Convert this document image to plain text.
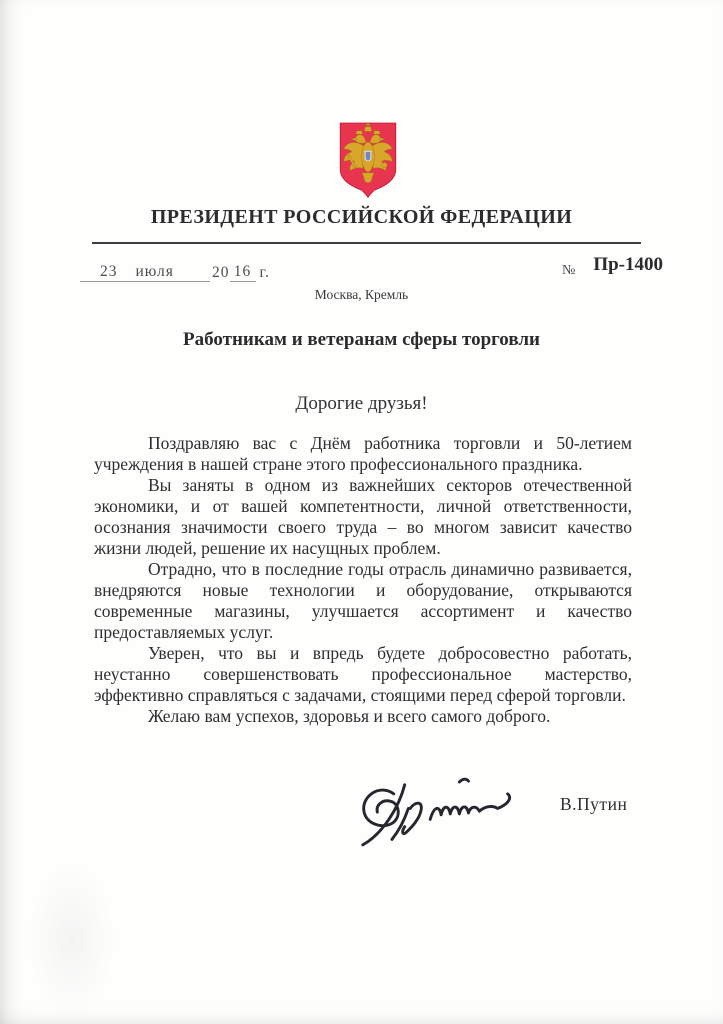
ПРЕЗИДЕНТ РОССИЙСКОЙ ФЕДЕРАЦИИ
23 июля	20 16 г.	№ Пр-1400
Москва, Кремль
Работникам и ветеранам сферы торговли
Дорогие друзья!

Поздравляю вас с Днём работника торговли и 50-летием учреждения в нашей стране этого профессионального праздника.

Вы заняты в одном из важнейших секторов отечественной экономики, и от вашей компетентности, личной ответственности, осознания значимости своего труда – во многом зависит качество жизни людей, решение их насущных проблем.

Отрадно, что в последние годы отрасль динамично развивается, внедряются новые технологии и оборудование, открываются современные магазины, улучшается ассортимент и качество предоставляемых услуг.

Уверен, что вы и впредь будете добросовестно работать, неустанно совершенствовать профессиональное мастерство, эффективно справляться с задачами, стоящими перед сферой торговли.

Желаю вам успехов, здоровья и всего самого доброго.

В.Путин
